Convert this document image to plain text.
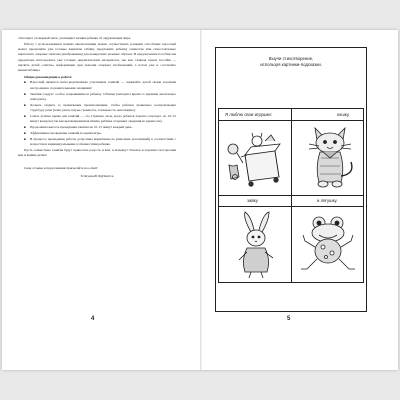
обогащает словарный запас, расширяет знания ребенка об окружающем мире.

Работу с использованием приема мнемотехники можно осуществлять разными способами: взрослый может предложить уже готовые варианты таблиц, предложить ребенку совместно или самостоятельно нарисовать опорные сигналы (изображения) для конкретных речевых образов. В предлагаемом пособии мы предлагаем использовать уже готовых дидактическим материалом, так как, главная задача пособия — научить детей «читать» информацию при помощи опорных изображений, а потом уже и составлять мнемотаблицы.

Общие рекомендации к работе:

■ Взрослый является непосредственным участником занятий — заряжайте детей своим хорошим настроением, положительными эмоциями!
■ Занятия следует особое понравившиеся ребенку таблицы (материал время от времени желательно повторять).
■ Дольше следите за правильным произношением, чтобы ребенок правильно воспроизводил структуру речи (темп, ритм, паузы, громкость, тональность, интонацию).
■ Самое лучшее время для занятий — это утреннее часы, когда ребенок хорошо отдохнул, но 10–15 минут вечером (так как кратковременная память ребенка сохраняет сведения во время сна).
■ Продолжительность проведения занятия не 10–15 минут каждый день.
■ Эффективное проведение занятий во время игры.
■ В процессе проведения работы допустима вариативность (внесение дополнений) в соответствии с возрастом и индивидуальными особенностями ребенка.

Пусть совместные занятия будут приносить радость и вам, и малышу! Успехов и хорошего настроения вам и вашим детям!

Свои отзывы и предложения присылайте на e-mail:

Tcintyana2010@mail.ru

4
Выучи стихотворение,
используя картинки-подсказки.
Я люблю свои игрушки:	кошку,
зайку	и лягушку.
5
